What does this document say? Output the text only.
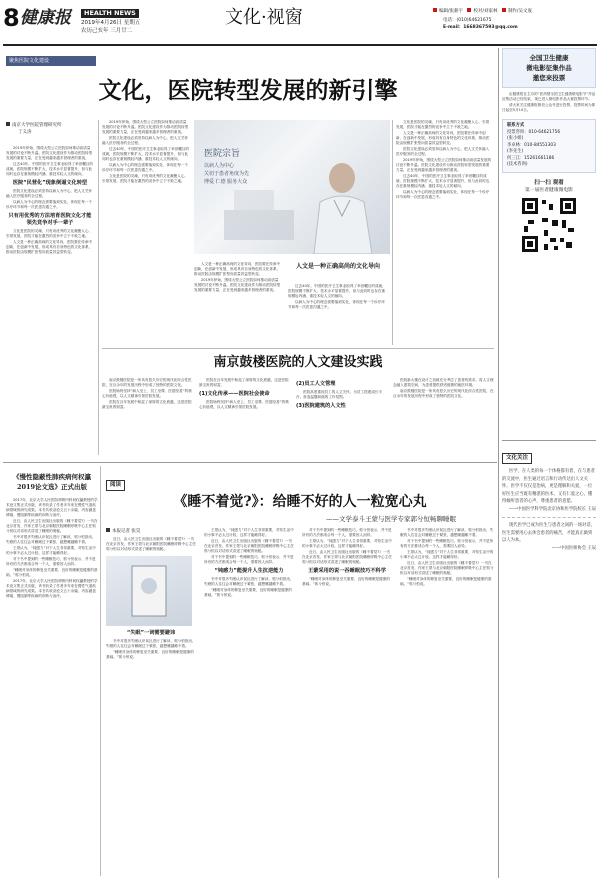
8 健康报	HEALTH NEWS
2019年4月26日 星期五
农历己亥年 三月廿二
文化·视窗	编辑/张薪宇 校对/刘家林 制作/吴文宬
电话：(010)64621675
E-mail：1668367593@qq.com
聚焦医院文化建设
文化，医院转型发展的新引擎
南京大学医院管理研究所
丁义涛

2019年伊始，围绕大型公立医院如何推动高质量发展的讨论不断升温。医院文化建设作为推动医院转型发展的重要力量，正在受到越来越多管理者的重视。

过去40年，中国的医疗卫生事业取得了举世瞩目的成就，医院规模不断扩大，技术水平显著提升，但与此同时也存在重规模轻内涵、重技术轻人文的倾向。

医院“民营化”现象倒逼文化转型

医院文化建设必须坚持以病人为中心，把人文关怀融入医疗服务的全过程。

以病人为中心的理念需要落到实处，体现在每一个诊疗环节和每一次医患沟通之中。

只有用优秀的方法培育医院文化才能领先竞争对手一辈子

文化是医院的灵魂，只有用优秀的文化凝聚人心、引领发展，医院才能在激烈的竞争中立于不败之地。

人文是一种正确高尚的文化导向，医院要在传承中创新，在创新中发展，形成具有自身特色的文化体系，推动医院由规模扩张型向质量效益型转变。

2019年伊始，围绕大型公立医院如何推动高质量发展的讨论不断升温。医院文化建设作为推动医院转型发展的重要力量，正在受到越来越多管理者的重视。

医院文化建设必须坚持以病人为中心，把人文关怀融入医疗服务的全过程。

过去40年，中国的医疗卫生事业取得了举世瞩目的成就，医院规模不断扩大，技术水平显著提升，但与此同时也存在重规模轻内涵、重技术轻人文的倾向。

以病人为中心的理念需要落到实处，体现在每一个诊疗环节和每一次医患沟通之中。

文化是医院的灵魂，只有用优秀的文化凝聚人心、引领发展，医院才能在激烈的竞争中立于不败之地。

医院宗旨
以病人为中心
关切于患者角度为先
博爱 仁德 服务大众
人文是一种正确高尚的文化导向

人文是一种正确高尚的文化导向，医院要在传承中创新，在创新中发展，形成具有自身特色的文化体系，推动医院由规模扩张型向质量效益型转变。

2019年伊始，围绕大型公立医院如何推动高质量发展的讨论不断升温。医院文化建设作为推动医院转型发展的重要力量，正在受到越来越多管理者的重视。

过去40年，中国的医疗卫生事业取得了举世瞩目的成就，医院规模不断扩大，技术水平显著提升，但与此同时也存在重规模轻内涵、重技术轻人文的倾向。

以病人为中心的理念需要落到实处，体现在每一个诊疗环节和每一次医患沟通之中。

文化是医院的灵魂，只有用优秀的文化凝聚人心、引领发展，医院才能在激烈的竞争中立于不败之地。

人文是一种正确高尚的文化导向，医院要在传承中创新，在创新中发展，形成具有自身特色的文化体系，推动医院由规模扩张型向质量效益型转变。

医院文化建设必须坚持以病人为中心，把人文关怀融入医疗服务的全过程。

2019年伊始，围绕大型公立医院如何推动高质量发展的讨论不断升温。医院文化建设作为推动医院转型发展的重要力量，正在受到越来越多管理者的重视。

过去40年，中国的医疗卫生事业取得了举世瞩目的成就，医院规模不断扩大，技术水平显著提升，但与此同时也存在重规模轻内涵、重技术轻人文的倾向。

以病人为中心的理念需要落到实处，体现在每一个诊疗环节和每一次医患沟通之中。

南京鼓楼医院的人文建设实践

南京鼓楼医院是一所具有悠久历史的现代化综合性医院，在百余年的发展历程中形成了独特的医院文化。

医院始终坚持“病人至上、员工至尊、医德至善”的核心价值观，以人文精神引领医院发展。

医院在百年发展中积淀了深厚的文化底蕴，这是医院最宝贵的财富。

医院在百年发展中积淀了深厚的文化底蕴，这是医院最宝贵的财富。

(1)文化传承——医院社会使命

医院始终坚持“病人至上、员工至尊、医德至善”的核心价值观，以人文精神引领医院发展。

(2)员工人文管理

医院高度重视员工的人文关怀，为员工搭建成长平台，营造温馨和谐的工作氛围。

(3)医院建筑的人文性

医院新大楼在设计之初就充分考虑了患者的需求，将人文理念融入建筑空间，为患者提供舒适便捷的就医环境。

南京鼓楼医院是一所具有悠久历史的现代化综合性医院，在百余年的发展历程中形成了独特的医院文化。

全国卫生健康
微电影征集作品
邀您来投票

由健康报社主办的“医药情全国卫生健康微电影节”作品征集活动已经结束，现已进入微电影作品大赛投票环节。

请大家关注健康报微信公众号进行投票，投票时间为即日起至5月10日。

联系方式
投票咨询：010-64621756
(张小姐)
李卓林：010-84551303
(李先生)
何三江：15261661186
(技术咨询)
扫一扫 观看
第一届医者健康微电影
文化关注

医学，在人类的每一个体格都有着，在与患者的交流中，医生通过语言和行动传达出人文关怀。医学不仅仅是治病，更是理解和关爱，一位好医生应当既有精湛的医术，又有仁爱之心，懂得倾听患者的心声，尊重患者的意愿。

——中国医学科学院北京协和医学院校长 王辰

现代医学已成为医生与患者之间的一场对话，医生需要用心去体会患者的痛苦，才能真正做到以人为本。

——中国医师协会 王辰

《慢性隐蔽性肺疾病何权瀛2019论文选》正式出版

2017年，北京大学人民医院呼吸内科何权瀛教授的学术论文集正式出版，该书收录了作者多年来在慢性气道疾病领域的研究成果。本书共收录论文五十余篇，内容涵盖哮喘、慢阻肺等疾病的诊断与治疗。

近日，由人民卫生出版社出版的《睡不着觉?》一书在北京首发，作家王蒙与北京朝阳医院睡眠呼吸中心主任郭兮恒以对话形式讲述了睡眠的奥秘。

书中对很多失眠认识误区进行了解读，郭兮恒指出，失眠的人往往会对睡眠过于紧张，越想睡越睡不着。

王蒙认为，“钝感力”对于人生非常重要，对待生活中的小事不必太过计较，这样才能睡得好。

对于书中提到的一些睡眠技巧，郭兮恒表示，并不是所有的方法都适合每一个人，需要因人而异。

“睡眠对身体的修复至关重要，良好的睡眠是健康的基础。”郭兮恒说。

2017年，北京大学人民医院呼吸内科何权瀛教授的学术论文集正式出版，该书收录了作者多年来在慢性气道疾病领域的研究成果。本书共收录论文五十余篇，内容涵盖哮喘、慢阻肺等疾病的诊断与治疗。

阅读
《睡不着觉?》：给睡不好的人一粒宽心丸
——文学泰斗王蒙与医学专家郭兮恒畅聊睡眠
本报记者 张昊

近日，由人民卫生出版社出版的《睡不着觉?》一书在北京首发，作家王蒙与北京朝阳医院睡眠呼吸中心主任郭兮恒以对话形式讲述了睡眠的奥秘。

“失眠”一词需要避讳

书中对很多失眠认识误区进行了解读，郭兮恒指出，失眠的人往往会对睡眠过于紧张，越想睡越睡不着。

“睡眠对身体的修复至关重要，良好的睡眠是健康的基础。”郭兮恒说。

王蒙认为，“钝感力”对于人生非常重要，对待生活中的小事不必太过计较，这样才能睡得好。

近日，由人民卫生出版社出版的《睡不着觉?》一书在北京首发，作家王蒙与北京朝阳医院睡眠呼吸中心主任郭兮恒以对话形式讲述了睡眠的奥秘。

对于书中提到的一些睡眠技巧，郭兮恒表示，并不是所有的方法都适合每一个人，需要因人而异。

“钝感力”能提升人生抗逆能力

书中对很多失眠认识误区进行了解读，郭兮恒指出，失眠的人往往会对睡眠过于紧张，越想睡越睡不着。

“睡眠对身体的修复至关重要，良好的睡眠是健康的基础。”郭兮恒说。

对于书中提到的一些睡眠技巧，郭兮恒表示，并不是所有的方法都适合每一个人，需要因人而异。

王蒙认为，“钝感力”对于人生非常重要，对待生活中的小事不必太过计较，这样才能睡得好。

近日，由人民卫生出版社出版的《睡不着觉?》一书在北京首发，作家王蒙与北京朝阳医院睡眠呼吸中心主任郭兮恒以对话形式讲述了睡眠的奥秘。

王蒙采用的说一吞睡眠技巧不科学

“睡眠对身体的修复至关重要，良好的睡眠是健康的基础。”郭兮恒说。

书中对很多失眠认识误区进行了解读，郭兮恒指出，失眠的人往往会对睡眠过于紧张，越想睡越睡不着。

对于书中提到的一些睡眠技巧，郭兮恒表示，并不是所有的方法都适合每一个人，需要因人而异。

王蒙认为，“钝感力”对于人生非常重要，对待生活中的小事不必太过计较，这样才能睡得好。

近日，由人民卫生出版社出版的《睡不着觉?》一书在北京首发，作家王蒙与北京朝阳医院睡眠呼吸中心主任郭兮恒以对话形式讲述了睡眠的奥秘。

“睡眠对身体的修复至关重要，良好的睡眠是健康的基础。”郭兮恒说。
